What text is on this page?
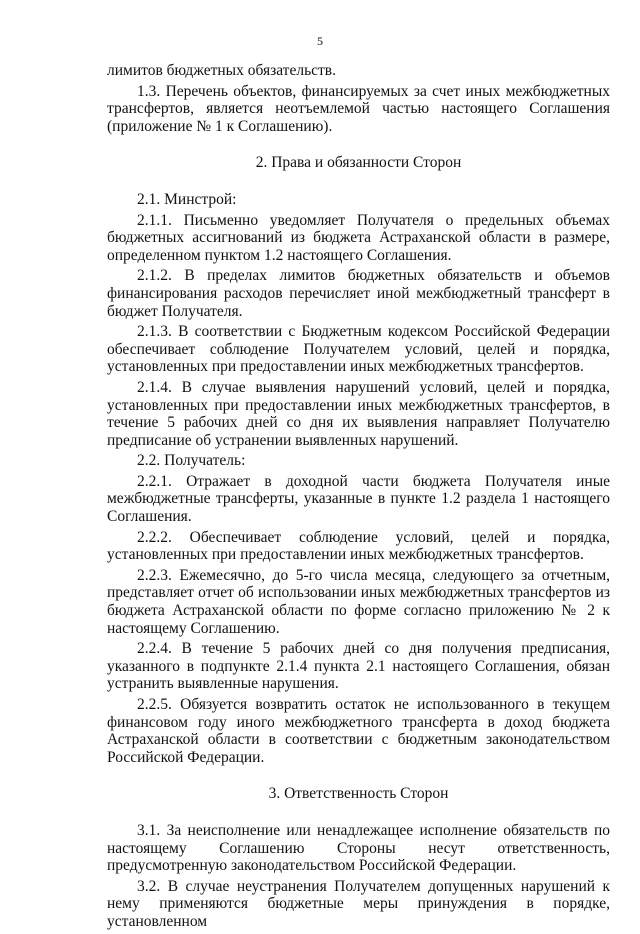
5

лимитов бюджетных обязательств.

1.3. Перечень объектов, финансируемых за счет иных межбюджетных трансфертов, является неотъемлемой частью настоящего Соглашения (приложение № 1 к Соглашению).

2. Права и обязанности Сторон

2.1. Минстрой:

2.1.1. Письменно уведомляет Получателя о предельных объемах бюджетных ассигнований из бюджета Астраханской области в размере, определенном пунктом 1.2 настоящего Соглашения.

2.1.2. В пределах лимитов бюджетных обязательств и объемов финансирования расходов перечисляет иной межбюджетный трансферт в бюджет Получателя.

2.1.3. В соответствии с Бюджетным кодексом Российской Федерации обеспечивает соблюдение Получателем условий, целей и порядка, установленных при предоставлении иных межбюджетных трансфертов.

2.1.4. В случае выявления нарушений условий, целей и порядка, установленных при предоставлении иных межбюджетных трансфертов, в течение 5 рабочих дней со дня их выявления направляет Получателю предписание об устранении выявленных нарушений.

2.2. Получатель:

2.2.1. Отражает в доходной части бюджета Получателя иные межбюджетные трансферты, указанные в пункте 1.2 раздела 1 настоящего Соглашения.

2.2.2. Обеспечивает соблюдение условий, целей и порядка, установленных при предоставлении иных межбюджетных трансфертов.

2.2.3. Ежемесячно, до 5-го числа месяца, следующего за отчетным, представляет отчет об использовании иных межбюджетных трансфертов из бюджета Астраханской области по форме согласно приложению № 2 к настоящему Соглашению.

2.2.4. В течение 5 рабочих дней со дня получения предписания, указанного в подпункте 2.1.4 пункта 2.1 настоящего Соглашения, обязан устранить выявленные нарушения.

2.2.5. Обязуется возвратить остаток не использованного в текущем финансовом году иного межбюджетного трансферта в доход бюджета Астраханской области в соответствии с бюджетным законодательством Российской Федерации.

3. Ответственность Сторон

3.1. За неисполнение или ненадлежащее исполнение обязательств по настоящему Соглашению Стороны несут ответственность, предусмотренную законодательством Российской Федерации.

3.2. В случае неустранения Получателем допущенных нарушений к нему применяются бюджетные меры принуждения в порядке, установленном
